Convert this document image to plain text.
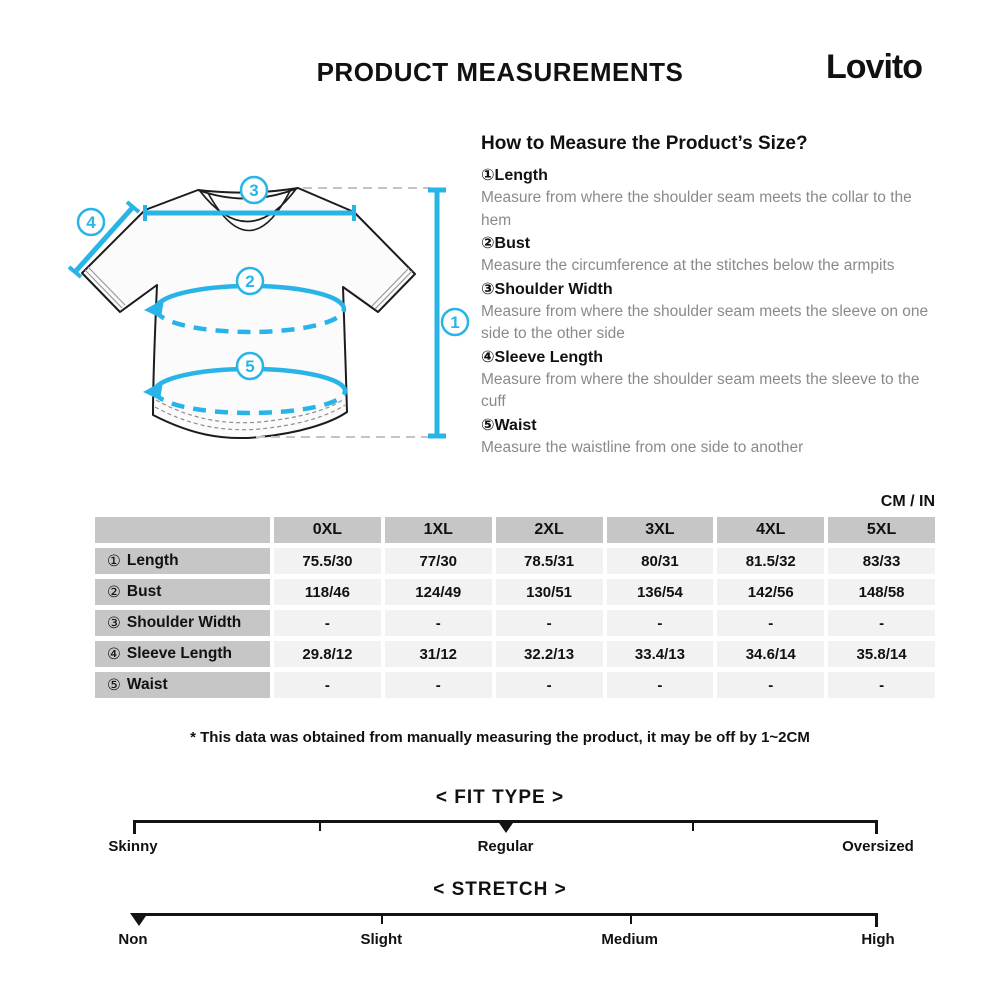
PRODUCT MEASUREMENTS	Lovito
1
2
3
4
5
How to Measure the Product’s Size?
①Length
Measure from where the shoulder seam meets the collar to the hem
②Bust
Measure the circumference at the stitches below the armpits
③Shoulder Width
Measure from where the shoulder seam meets the sleeve on one side to the other side
④Sleeve Length
Measure from where the shoulder seam meets the sleeve to the cuff
⑤Waist
Measure the waistline from one side to another
CM / IN
0XL	1XL	2XL	3XL	4XL	5XL
① Length	75.5/30	77/30	78.5/31	80/31	81.5/32	83/33
② Bust	118/46	124/49	130/51	136/54	142/56	148/58
③ Shoulder Width	-	-	-	-	-	-
④ Sleeve Length	29.8/12	31/12	32.2/13	33.4/13	34.6/14	35.8/14
⑤ Waist	-	-	-	-	-	-
* This data was obtained from manually measuring the product, it may be off by 1~2CM
< FIT TYPE >
Skinny	Regular	Oversized
< STRETCH >
Non	Slight	Medium	High
